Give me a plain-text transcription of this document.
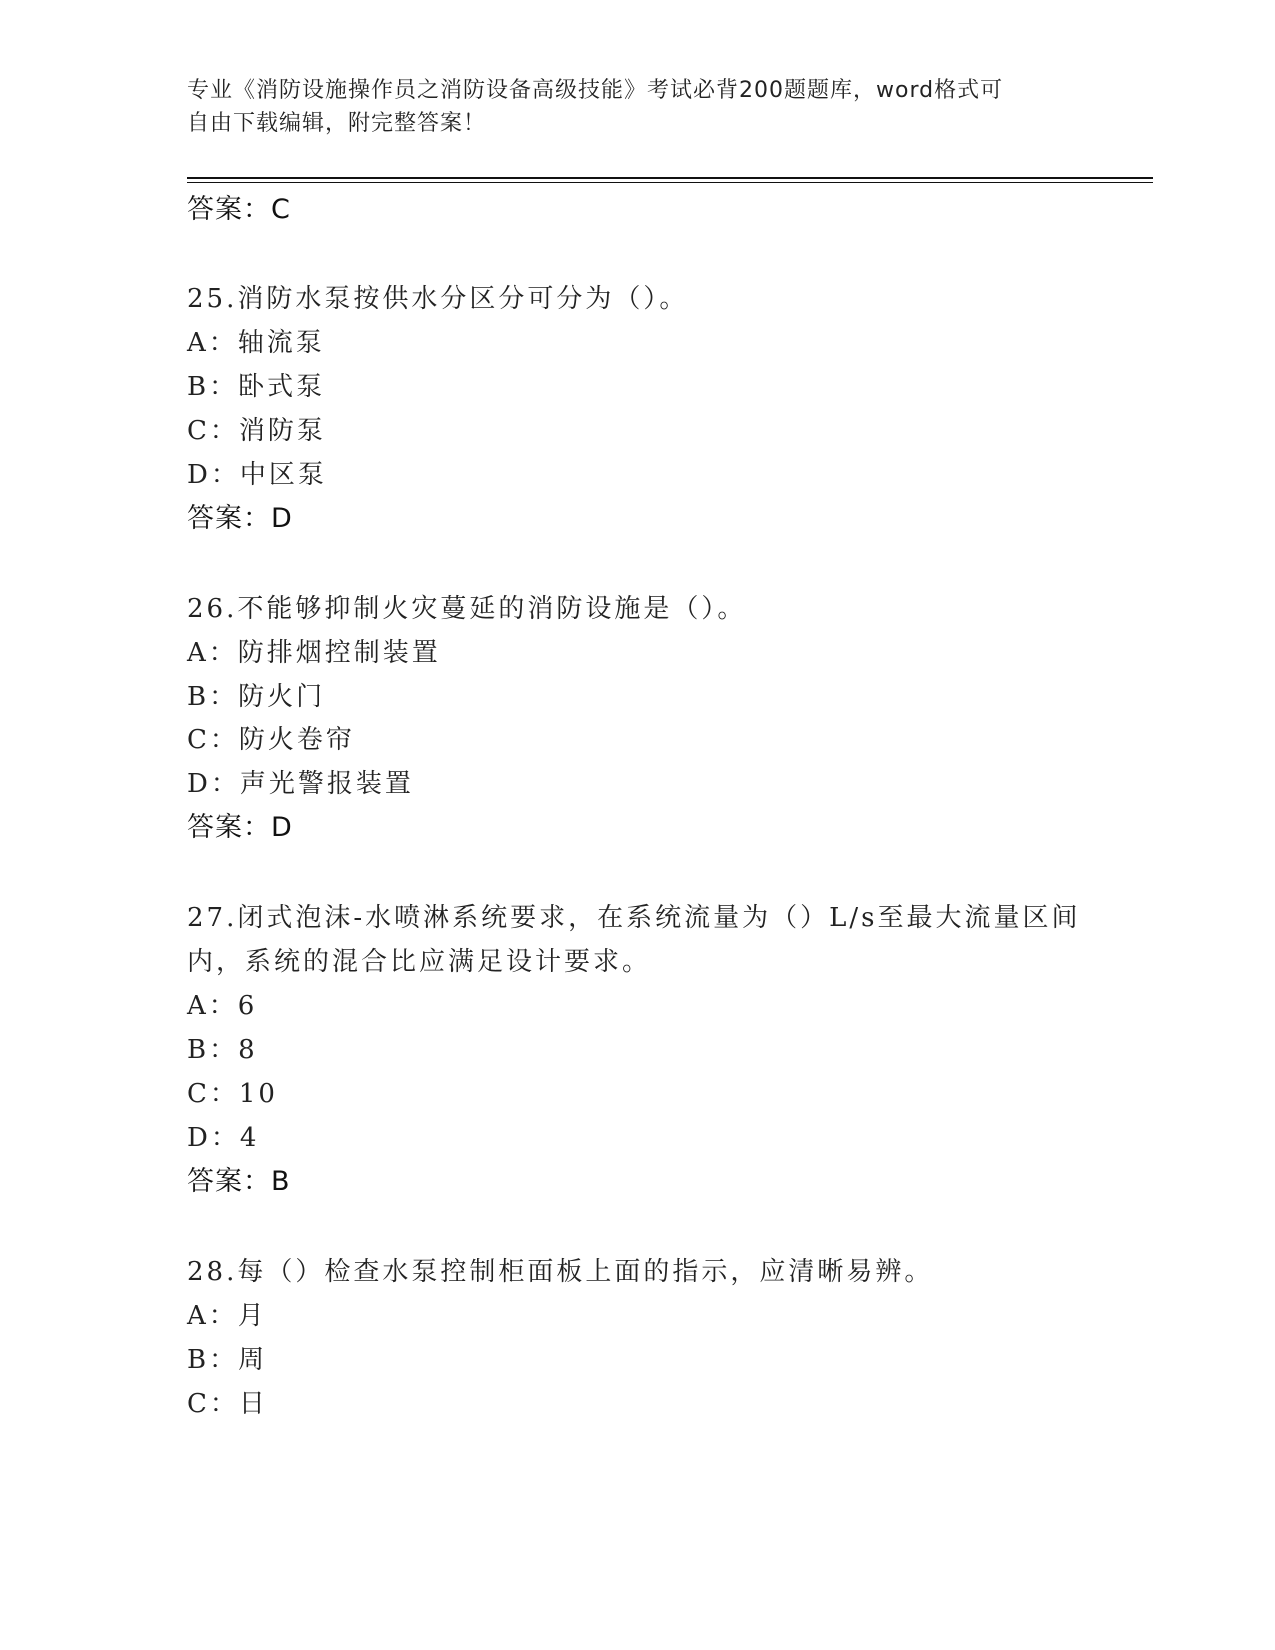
专业《消防设施操作员之消防设备高级技能》考试必背200题题库，word格式可
自由下载编辑，附完整答案！
答案：C
25.消防水泵按供水分区分可分为（）。
A：轴流泵
B：卧式泵
C：消防泵
D：中区泵
答案：D
26.不能够抑制火灾蔓延的消防设施是（）。
A：防排烟控制装置
B：防火门
C：防火卷帘
D：声光警报装置
答案：D
27.闭式泡沫-水喷淋系统要求，在系统流量为（）L/s至最大流量区间
内，系统的混合比应满足设计要求。
A：6
B：8
C：10
D：4
答案：B
28.每（）检查水泵控制柜面板上面的指示，应清晰易辨。
A：月
B：周
C：日
